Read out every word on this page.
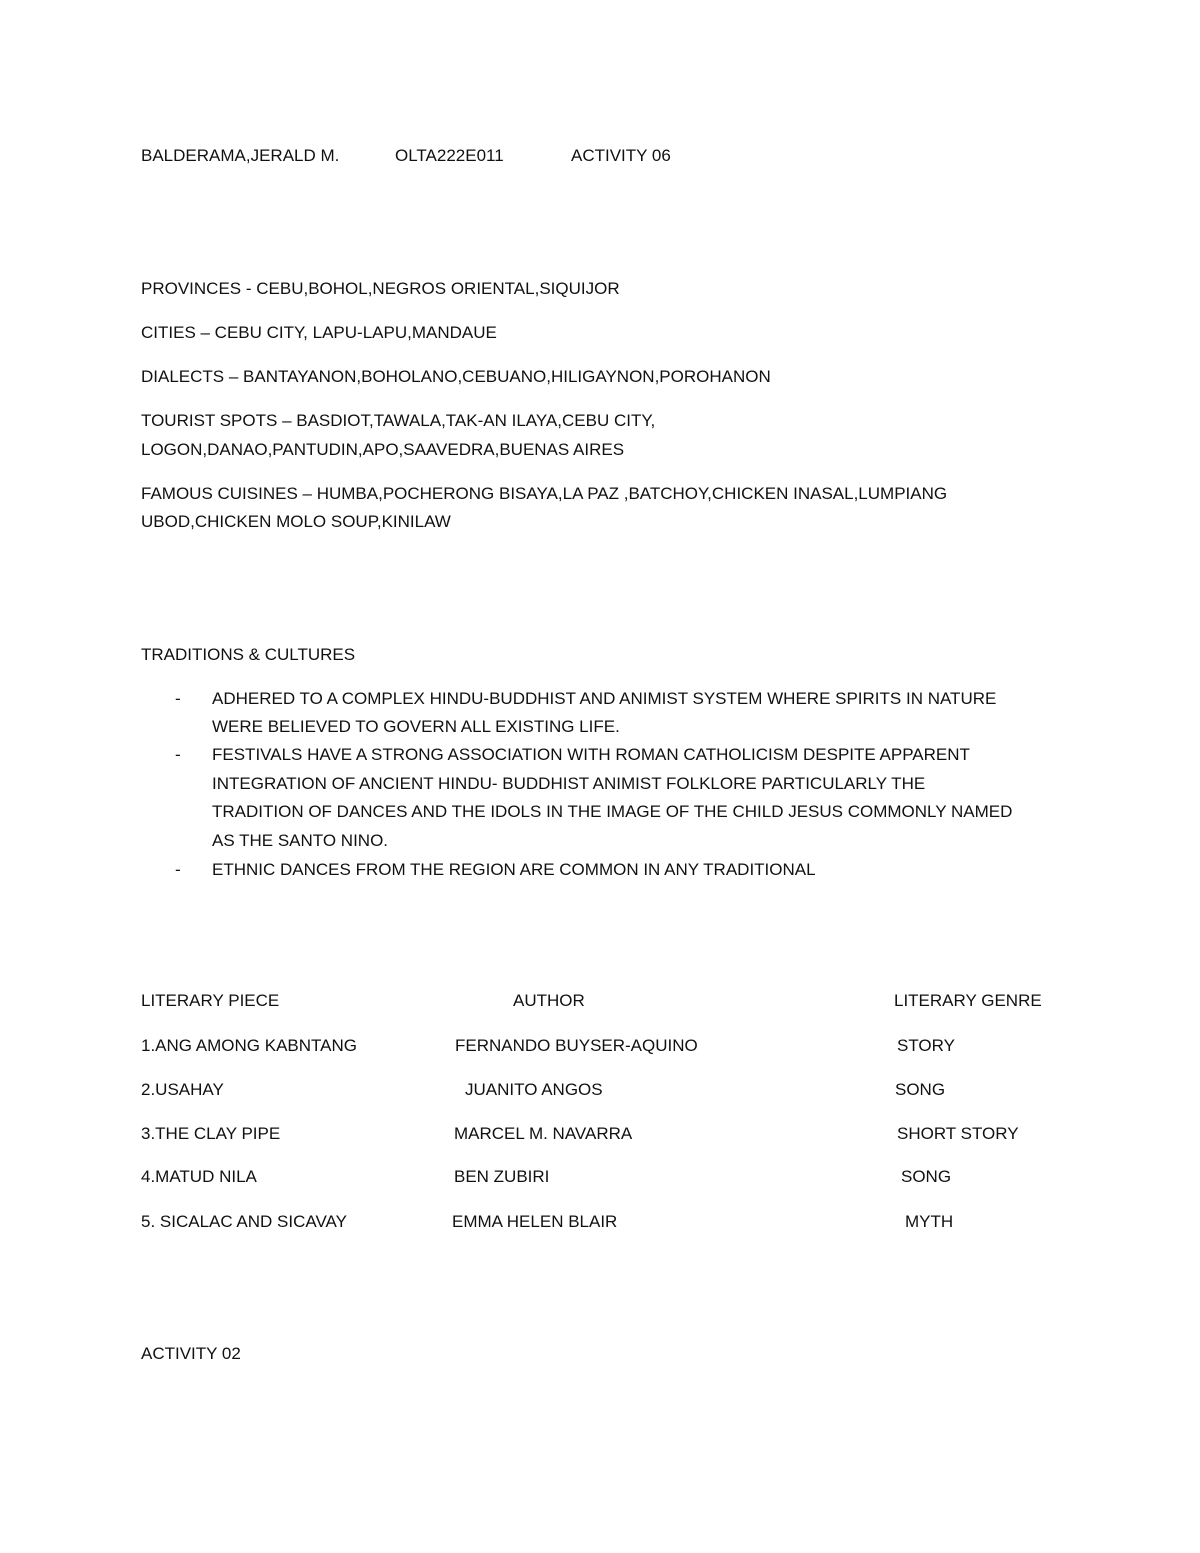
BALDERAMA,JERALD M.	OLTA222E011	ACTIVITY 06
PROVINCES - CEBU,BOHOL,NEGROS ORIENTAL,SIQUIJOR
CITIES – CEBU CITY, LAPU-LAPU,MANDAUE
DIALECTS – BANTAYANON,BOHOLANO,CEBUANO,HILIGAYNON,POROHANON
TOURIST SPOTS – BASDIOT,TAWALA,TAK-AN ILAYA,CEBU CITY,
LOGON,DANAO,PANTUDIN,APO,SAAVEDRA,BUENAS AIRES
FAMOUS CUISINES – HUMBA,POCHERONG BISAYA,LA PAZ ,BATCHOY,CHICKEN INASAL,LUMPIANG
UBOD,CHICKEN MOLO SOUP,KINILAW
TRADITIONS & CULTURES
- ADHERED TO A COMPLEX HINDU-BUDDHIST AND ANIMIST SYSTEM WHERE SPIRITS IN NATURE
WERE BELIEVED TO GOVERN ALL EXISTING LIFE.
- FESTIVALS HAVE A STRONG ASSOCIATION WITH ROMAN CATHOLICISM DESPITE APPARENT
INTEGRATION OF ANCIENT HINDU- BUDDHIST ANIMIST FOLKLORE PARTICULARLY THE
TRADITION OF DANCES AND THE IDOLS IN THE IMAGE OF THE CHILD JESUS COMMONLY NAMED
AS THE SANTO NINO.
- ETHNIC DANCES FROM THE REGION ARE COMMON IN ANY TRADITIONAL
LITERARY PIECE	AUTHOR	LITERARY GENRE
1.ANG AMONG KABNTANG	FERNANDO BUYSER-AQUINO	STORY
2.USAHAY	JUANITO ANGOS	SONG
3.THE CLAY PIPE	MARCEL M. NAVARRA	SHORT STORY
4.MATUD NILA	BEN ZUBIRI	SONG
5. SICALAC AND SICAVAY	EMMA HELEN BLAIR	MYTH
ACTIVITY 02
